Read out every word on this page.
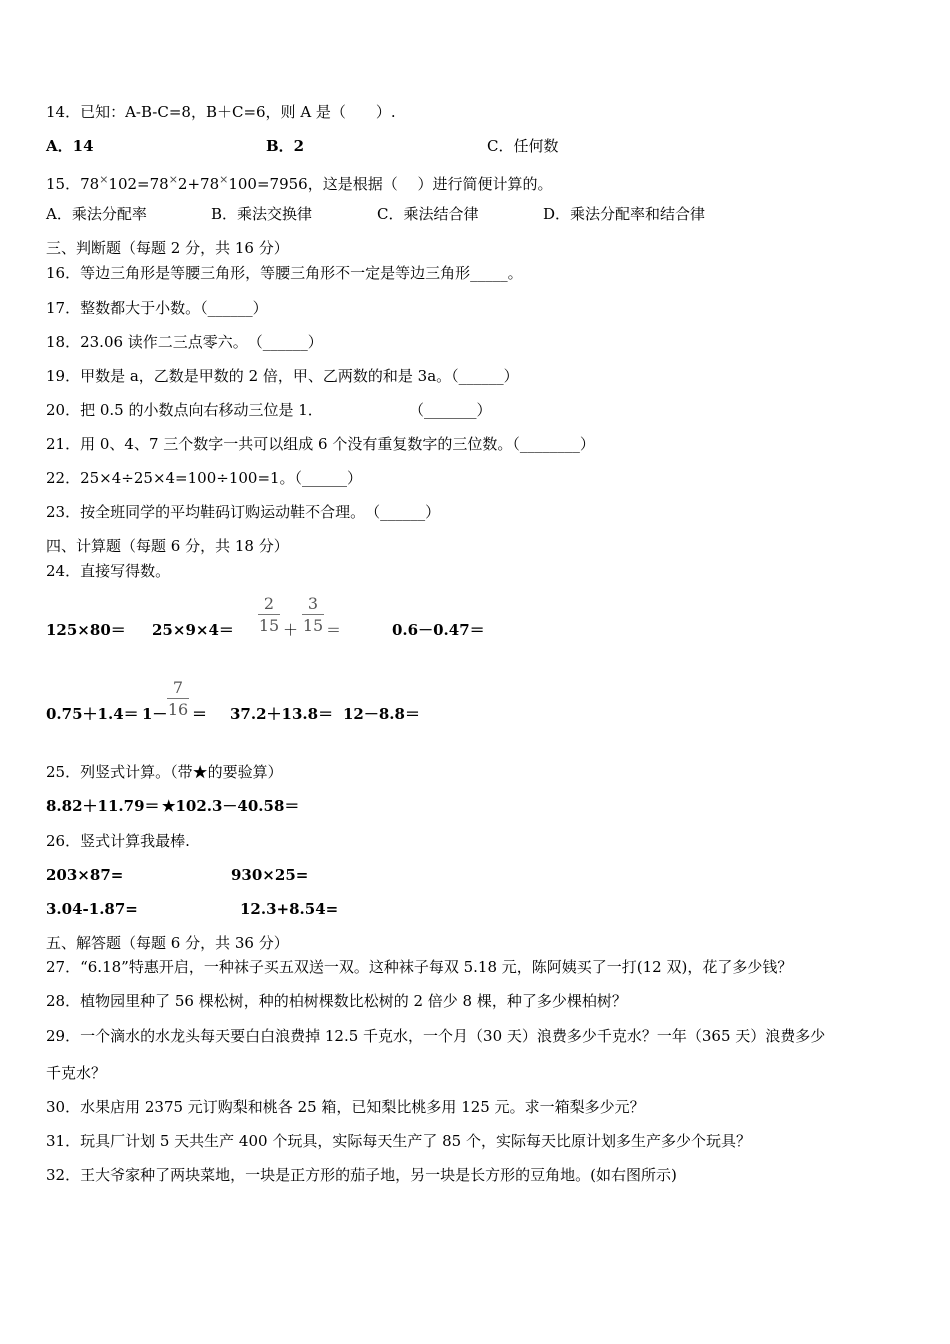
14．已知：A-B-C=8，B＋C=6，则 A 是（　　）.
A．14	B．2	C．任何数
15．78×102=78×2+78×100=7956，这是根据（　 ）进行简便计算的。
A．乘法分配率	B．乘法交换律	C．乘法结合律	D．乘法分配率和结合律
三、判断题（每题 2 分，共 16 分）
16．等边三角形是等腰三角形，等腰三角形不一定是等边三角形_____。
17．整数都大于小数。（______）
18．23.06 读作二三点零六。　（______）
19．甲数是 a，乙数是甲数的 2 倍，甲、乙两数的和是 3a。（______）
20．把 0.5 的小数点向右移动三位是 1．	（_______）
21．用 0、4、7 三个数字一共可以组成 6 个没有重复数字的三位数。（________）
22．25×4÷25×4=100÷100=1。（______）
23．按全班同学的平均鞋码订购运动鞋不合理。　（______）
四、计算题（每题 6 分，共 18 分）
24．直接写得数。
125×80＝ 25×9×4＝
2
15 ＋
3
15 ＝	0.6－0.47＝
0.75＋1.4＝ 1－
7
16 ＝ 37.2＋13.8＝ 12－8.8＝
25．列竖式计算。（带★的要验算）
8.82＋11.79＝ ★102.3－40.58＝
26．竖式计算我最棒.
203×87=	930×25=
3.04-1.87=	12.3+8.54=
五、解答题（每题 6 分，共 36 分）
27．“6.18”特惠开启，一种袜子买五双送一双。这种袜子每双 5.18 元，陈阿姨买了一打(12 双)，花了多少钱？
28．植物园里种了 56 棵松树，种的柏树棵数比松树的 2 倍少 8 棵，种了多少棵柏树？
29．一个滴水的水龙头每天要白白浪费掉 12.5 千克水，一个月（30 天）浪费多少千克水？一年（365 天）浪费多少
千克水？
30．水果店用 2375 元订购梨和桃各 25 箱，已知梨比桃多用 125 元。求一箱梨多少元？
31．玩具厂计划 5 天共生产 400 个玩具，实际每天生产了 85 个，实际每天比原计划多生产多少个玩具？
32．王大爷家种了两块菜地，一块是正方形的茄子地，另一块是长方形的豆角地。(如右图所示)
